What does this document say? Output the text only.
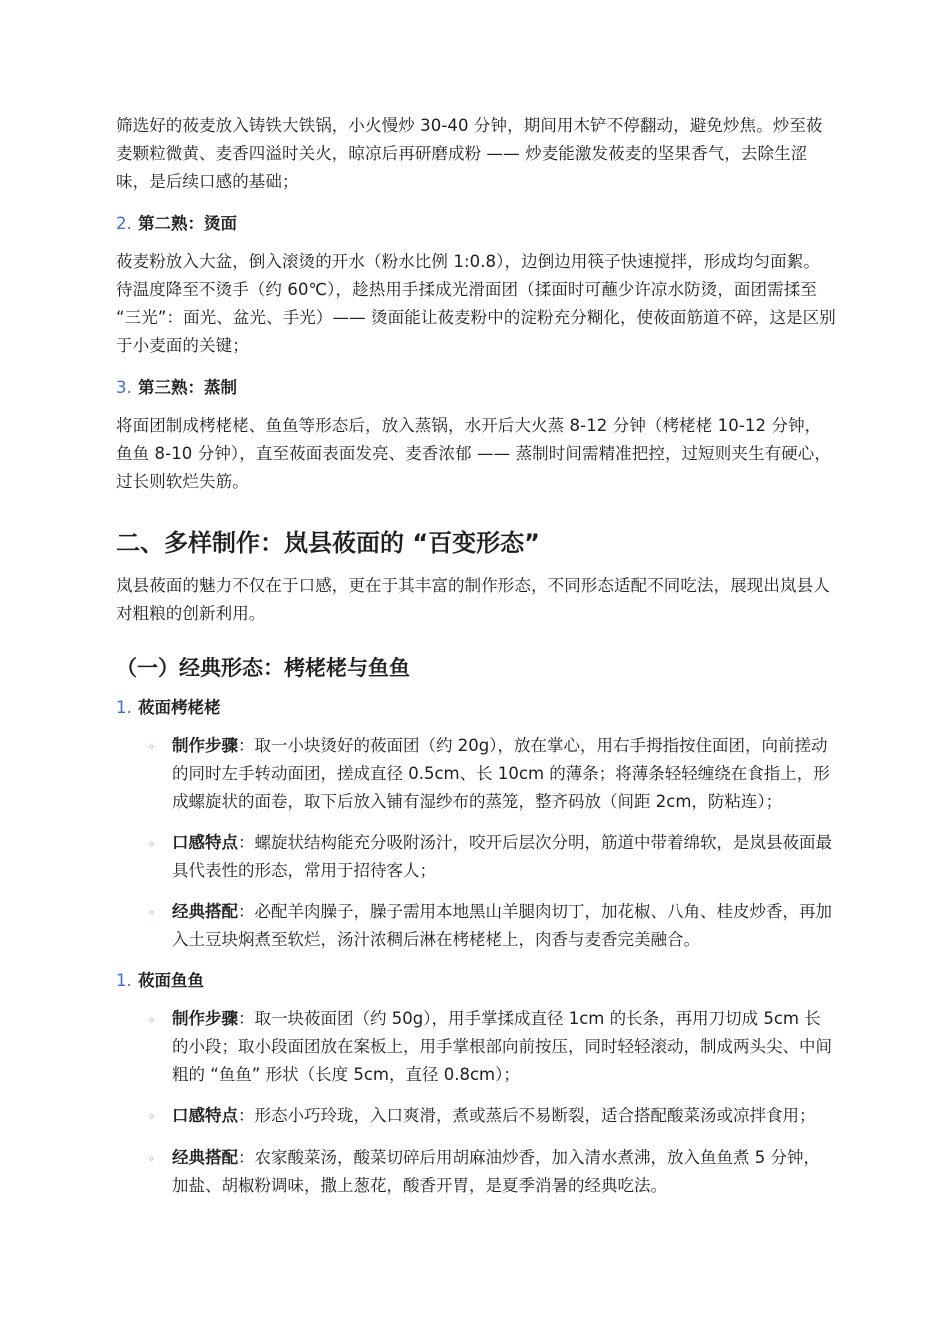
筛选好的莜麦放入铸铁大铁锅，小火慢炒 30-40 分钟，期间用木铲不停翻动，避免炒焦。炒至莜麦颗粒微黄、麦香四溢时关火，晾凉后再研磨成粉 —— 炒麦能激发莜麦的坚果香气，去除生涩味，是后续口感的基础；

2. 第二熟：烫面

莜麦粉放入大盆，倒入滚烫的开水（粉水比例 1:0.8），边倒边用筷子快速搅拌，形成均匀面絮。待温度降至不烫手（约 60℃），趁热用手揉成光滑面团（揉面时可蘸少许凉水防烫，面团需揉至 “三光”：面光、盆光、手光）—— 烫面能让莜麦粉中的淀粉充分糊化，使莜面筋道不碎，这是区别于小麦面的关键；

3. 第三熟：蒸制

将面团制成栲栳栳、鱼鱼等形态后，放入蒸锅，水开后大火蒸 8-12 分钟（栲栳栳 10-12 分钟，鱼鱼 8-10 分钟），直至莜面表面发亮、麦香浓郁 —— 蒸制时间需精准把控，过短则夹生有硬心，过长则软烂失筋。

二、多样制作：岚县莜面的 “百变形态”

岚县莜面的魅力不仅在于口感，更在于其丰富的制作形态，不同形态适配不同吃法，展现出岚县人对粗粮的创新利用。

（一）经典形态：栲栳栳与鱼鱼
1. 莜面栲栳栳
◦	制作步骤：取一小块烫好的莜面团（约 20g），放在掌心，用右手拇指按住面团，向前搓动的同时左手转动面团，搓成直径 0.5cm、长 10cm 的薄条；将薄条轻轻缠绕在食指上，形成螺旋状的面卷，取下后放入铺有湿纱布的蒸笼，整齐码放（间距 2cm，防粘连）；
◦	口感特点：螺旋状结构能充分吸附汤汁，咬开后层次分明，筋道中带着绵软，是岚县莜面最具代表性的形态，常用于招待客人；
◦	经典搭配：必配羊肉臊子，臊子需用本地黑山羊腿肉切丁，加花椒、八角、桂皮炒香，再加入土豆块焖煮至软烂，汤汁浓稠后淋在栲栳栳上，肉香与麦香完美融合。
1. 莜面鱼鱼
◦	制作步骤：取一块莜面团（约 50g），用手掌揉成直径 1cm 的长条，再用刀切成 5cm 长的小段；取小段面团放在案板上，用手掌根部向前按压，同时轻轻滚动，制成两头尖、中间粗的 “鱼鱼” 形状（长度 5cm，直径 0.8cm）；
◦	口感特点：形态小巧玲珑，入口爽滑，煮或蒸后不易断裂，适合搭配酸菜汤或凉拌食用；
◦	经典搭配：农家酸菜汤，酸菜切碎后用胡麻油炒香，加入清水煮沸，放入鱼鱼煮 5 分钟，加盐、胡椒粉调味，撒上葱花，酸香开胃，是夏季消暑的经典吃法。
